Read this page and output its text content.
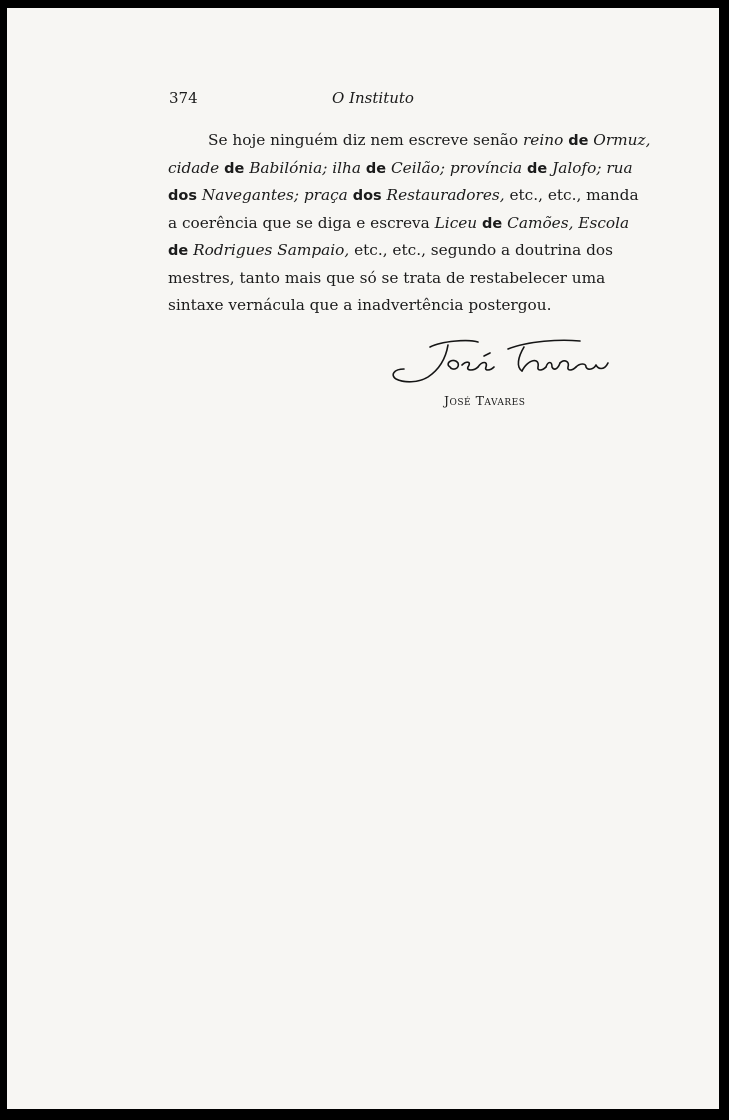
374	O Instituto
Se hoje ninguém diz nem escreve senão reino de Ormuz,
cidade de Babilónia; ilha de Ceilão; província de Jalofo; rua
dos Navegantes; praça dos Restauradores, etc., etc., manda
a coerência que se diga e escreva Liceu de Camões, Escola
de Rodrigues Sampaio, etc., etc., segundo a doutrina dos
mestres, tanto mais que só se trata de restabelecer uma
sintaxe vernácula que a inadvertência postergou.
José Tavares
